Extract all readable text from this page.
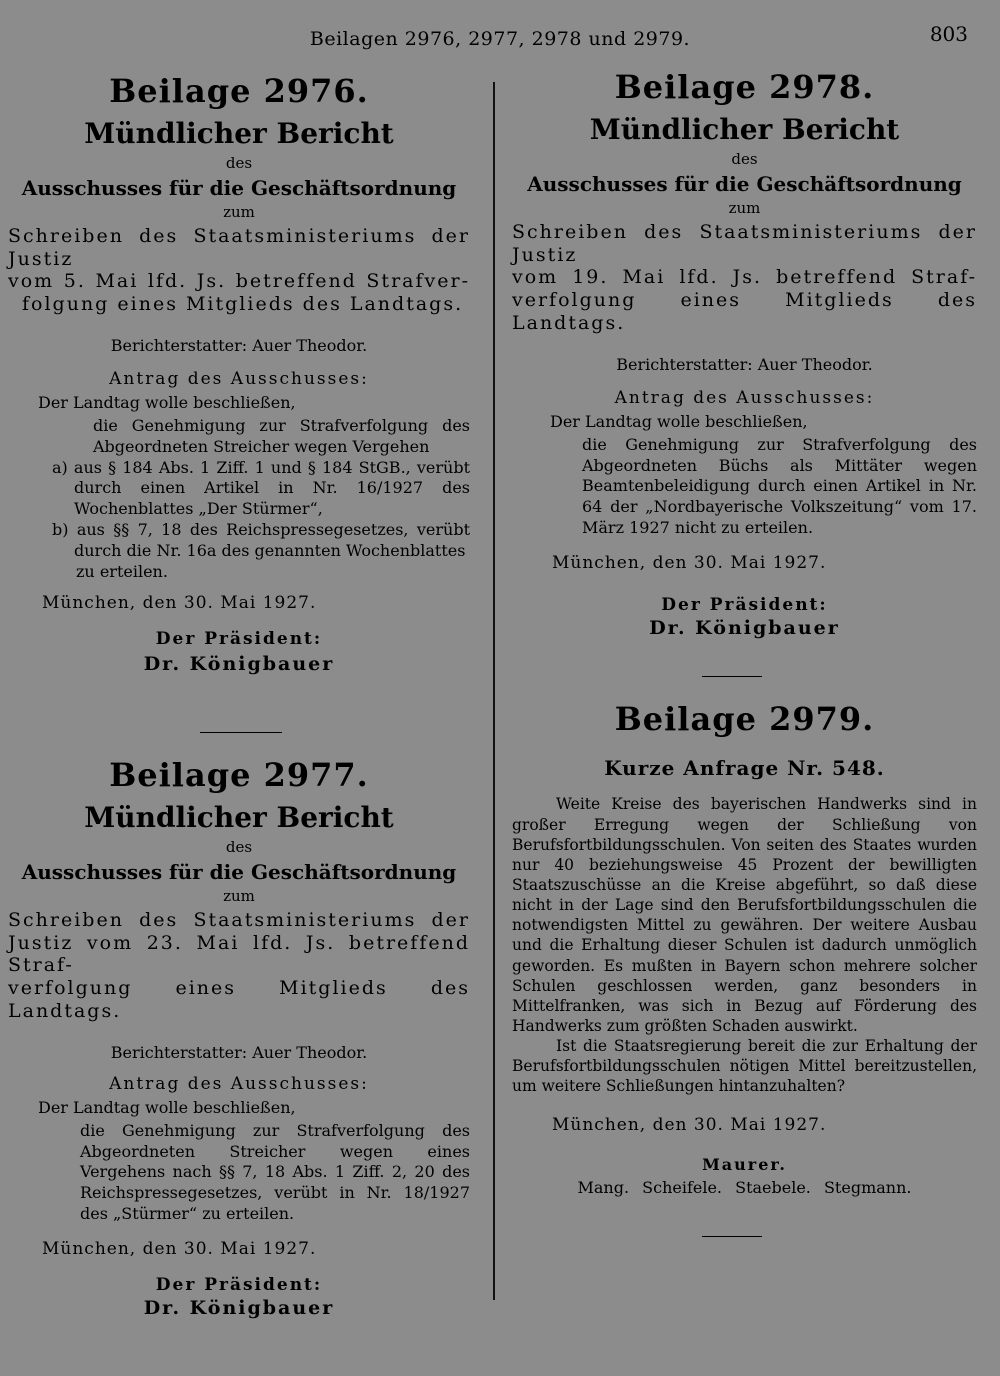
Beilagen 2976, 2977, 2978 und 2979.	803

Beilage 2976.

Mündlicher Bericht

des

Ausschusses für die Geschäftsordnung

zum

Schreiben des Staatsministeriums der Justiz
vom 5. Mai lfd. Js. betreffend Strafver-
folgung eines Mitglieds des Landtags.

Berichterstatter: Auer Theodor.

Antrag des Ausschusses:

Der Landtag wolle beschließen,

die Genehmigung zur Strafverfolgung des Abgeordneten Streicher wegen Vergehen

a) aus § 184 Abs. 1 Ziff. 1 und § 184 StGB., verübt durch einen Artikel in Nr. 16/1927 des Wochenblattes „Der Stürmer“,

b) aus §§ 7, 18 des Reichspressegesetzes, verübt durch die Nr. 16a des genannten Wochenblattes

zu erteilen.

München, den 30. Mai 1927.

Der Präsident:

Dr. Königbauer

Beilage 2977.

Mündlicher Bericht

des

Ausschusses für die Geschäftsordnung

zum

Schreiben des Staatsministeriums der
Justiz vom 23. Mai lfd. Js. betreffend Straf-
verfolgung eines Mitglieds des Landtags.

Berichterstatter: Auer Theodor.

Antrag des Ausschusses:

Der Landtag wolle beschließen,

die Genehmigung zur Strafverfolgung des Abgeordneten Streicher wegen eines Vergehens nach §§ 7, 18 Abs. 1 Ziff. 2, 20 des Reichspressegesetzes, verübt in Nr. 18/1927 des „Stürmer“ zu erteilen.

München, den 30. Mai 1927.

Der Präsident:

Dr. Königbauer

Beilage 2978.

Mündlicher Bericht

des

Ausschusses für die Geschäftsordnung

zum

Schreiben des Staatsministeriums der Justiz
vom 19. Mai lfd. Js. betreffend Straf-
verfolgung eines Mitglieds des Landtags.

Berichterstatter: Auer Theodor.

Antrag des Ausschusses:

Der Landtag wolle beschließen,

die Genehmigung zur Strafverfolgung des Abgeordneten Büchs als Mittäter wegen Beamtenbeleidigung durch einen Artikel in Nr. 64 der „Nordbayerische Volkszeitung“ vom 17. März 1927 nicht zu erteilen.

München, den 30. Mai 1927.

Der Präsident:

Dr. Königbauer

Beilage 2979.

Kurze Anfrage Nr. 548.

Weite Kreise des bayerischen Handwerks sind in großer Erregung wegen der Schließung von Berufsfortbildungsschulen. Von seiten des Staates wurden nur 40 beziehungsweise 45 Prozent der bewilligten Staatszuschüsse an die Kreise abgeführt, so daß diese nicht in der Lage sind den Berufsfortbildungsschulen die notwendigsten Mittel zu gewähren. Der weitere Ausbau und die Erhaltung dieser Schulen ist dadurch unmöglich geworden. Es mußten in Bayern schon mehrere solcher Schulen geschlossen werden, ganz besonders in Mittelfranken, was sich in Bezug auf Förderung des Handwerks zum größten Schaden auswirkt.

Ist die Staatsregierung bereit die zur Erhaltung der Berufsfortbildungsschulen nötigen Mittel bereitzustellen, um weitere Schließungen hintanzuhalten?

München, den 30. Mai 1927.

Maurer.

Mang. Scheifele. Staebele. Stegmann.
